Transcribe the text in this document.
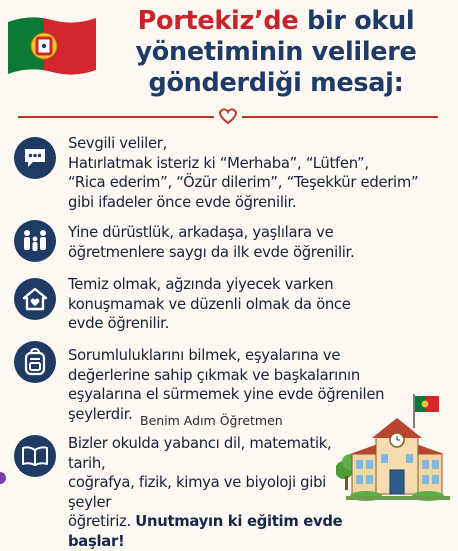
Portekiz’de bir okul
yönetiminin velilere
gönderdiği mesaj:
Sevgili veliler,
Hatırlatmak isteriz ki “Merhaba”, “Lütfen”,
“Rica ederim”, “Özür dilerim”, “Teşekkür ederim”
gibi ifadeler önce evde öğrenilir.
Yine dürüstlük, arkadaşa, yaşlılara ve
öğretmenlere saygı da ilk evde öğrenilir.
Temiz olmak, ağzında yiyecek varken
konuşmamak ve düzenli olmak da önce
evde öğrenilir.
Sorumluluklarını bilmek, eşyalarına ve
değerlerine sahip çıkmak ve başkalarının
eşyalarına el sürmemek yine evde öğrenilen
şeylerdir. Benim Adım Öğretmen
Bizler okulda yabancı dil, matematik, tarih,
coğrafya, fizik, kimya ve biyoloji gibi şeyler
öğretiriz. Unutmayın ki eğitim evde başlar!
